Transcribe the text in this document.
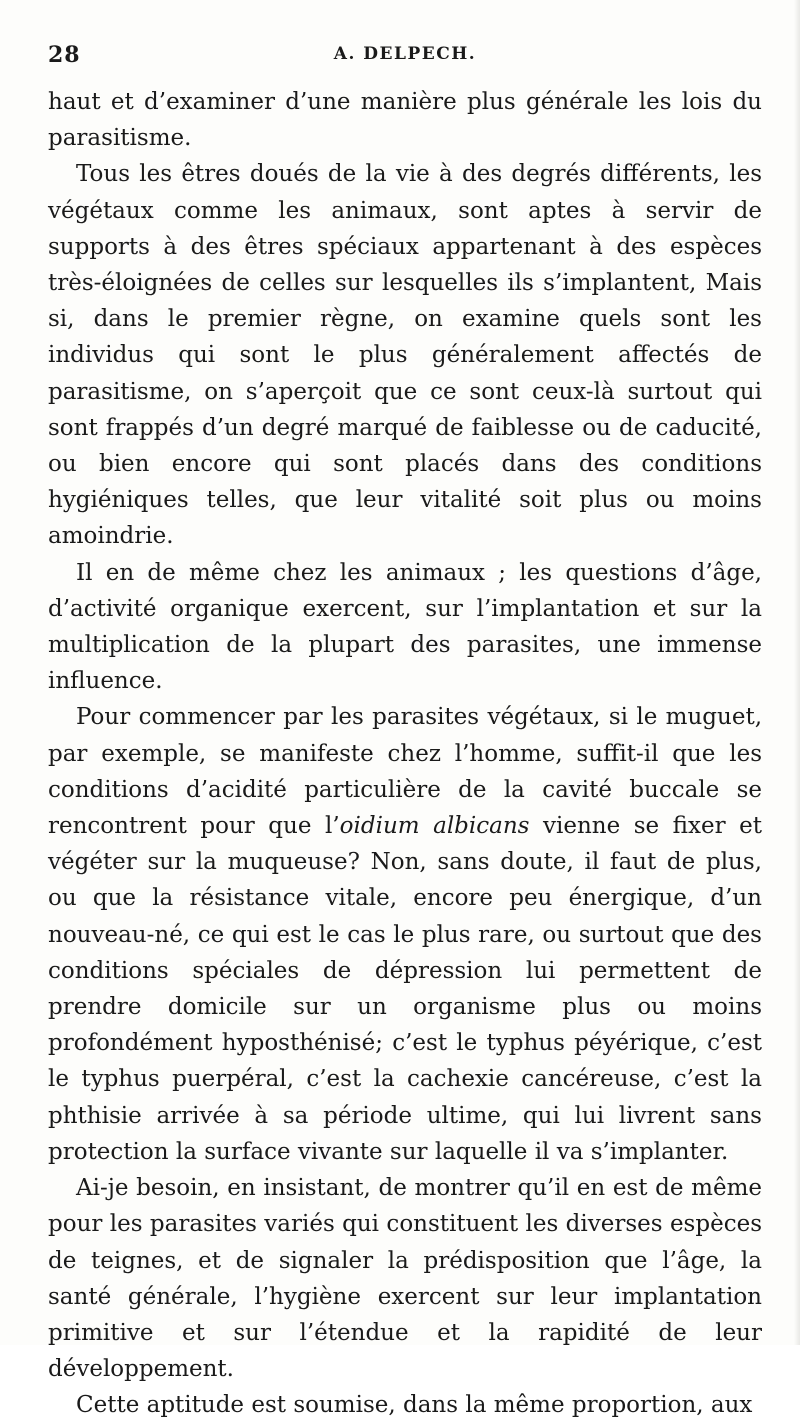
28	A. DELPECH.

haut et d’examiner d’une manière plus générale les lois du parasitisme.

Tous les êtres doués de la vie à des degrés différents, les végétaux comme les animaux, sont aptes à servir de supports à des êtres spéciaux appartenant à des espèces très-éloignées de celles sur lesquelles ils s’implantent, Mais si, dans le premier règne, on examine quels sont les individus qui sont le plus généralement affectés de parasitisme, on s’aperçoit que ce sont ceux-là surtout qui sont frappés d’un degré marqué de faiblesse ou de caducité, ou bien encore qui sont placés dans des conditions hygiéniques telles, que leur vitalité soit plus ou moins amoindrie.

Il en de même chez les animaux ; les questions d’âge, d’activité organique exercent, sur l’implantation et sur la multiplication de la plupart des parasites, une immense influence.

Pour commencer par les parasites végétaux, si le muguet, par exemple, se manifeste chez l’homme, suffit-il que les conditions d’acidité particulière de la cavité buccale se rencontrent pour que l’oidium albicans vienne se fixer et végéter sur la muqueuse? Non, sans doute, il faut de plus, ou que la résistance vitale, encore peu énergique, d’un nouveau-né, ce qui est le cas le plus rare, ou surtout que des conditions spéciales de dépression lui permettent de prendre domicile sur un organisme plus ou moins profondément hyposthénisé; c’est le typhus péyérique, c’est le typhus puerpéral, c’est la cachexie cancéreuse, c’est la phthisie arrivée à sa période ultime, qui lui livrent sans protection la surface vivante sur laquelle il va s’implanter.

Ai-je besoin, en insistant, de montrer qu’il en est de même pour les parasites variés qui constituent les diverses espèces de teignes, et de signaler la prédisposition que l’âge, la santé générale, l’hygiène exercent sur leur implantation primitive et sur l’étendue et la rapidité de leur développement.

Cette aptitude est soumise, dans la même proportion, aux
